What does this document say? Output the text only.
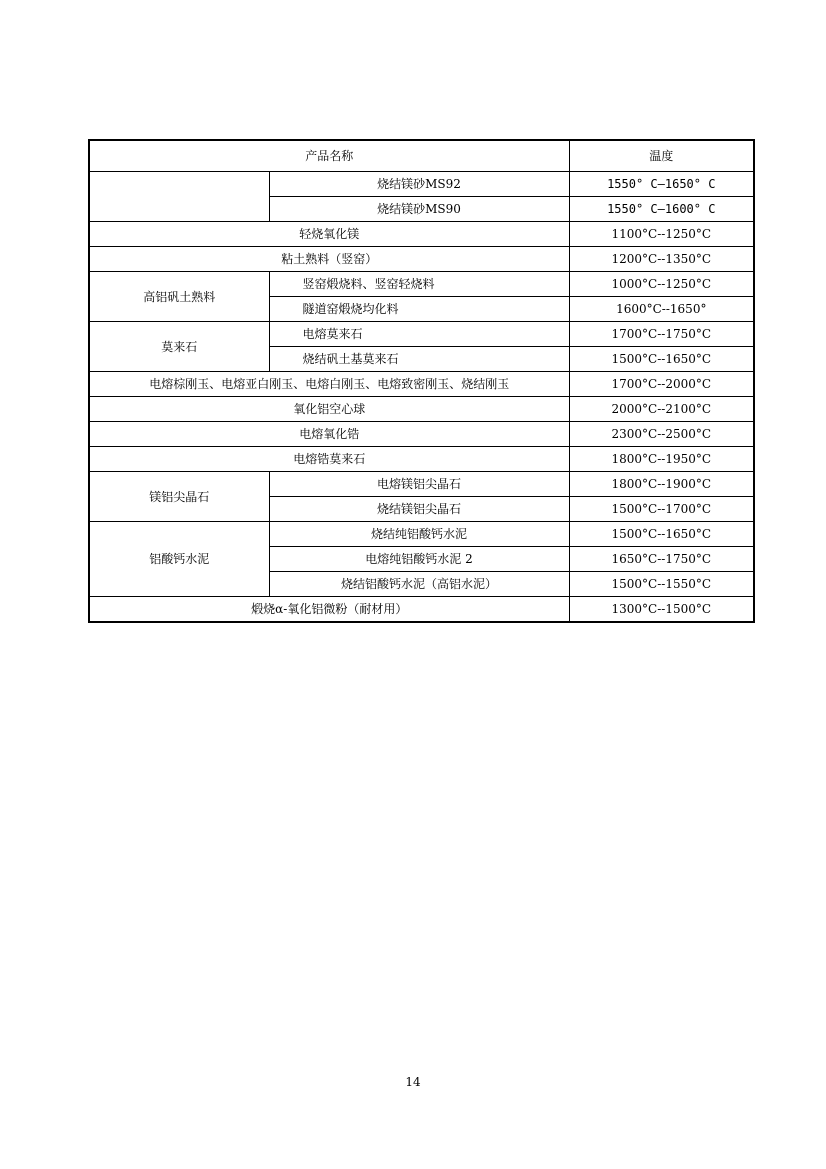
产品名称		温度
	烧结镁砂MS92	1550° C—1650° C
	烧结镁砂MS90	1550° C—1600° C
轻烧氧化镁		1100°C--1250°C
粘土熟料（竖窑）		1200°C--1350°C
高铝矾土熟料	竖窑煅烧料、竖窑轻烧料	1000°C--1250°C
	隧道窑煅烧均化料	1600°C--1650°
莫来石	电熔莫来石	1700°C--1750°C
	烧结矾土基莫来石	1500°C--1650°C
电熔棕刚玉、电熔亚白刚玉、电熔白刚玉、电熔致密刚玉、烧结刚玉		1700°C--2000°C
氧化铝空心球		2000°C--2100°C
电熔氧化锆		2300°C--2500°C
电熔锆莫来石		1800°C--1950°C
镁铝尖晶石	电熔镁铝尖晶石	1800°C--1900°C
	烧结镁铝尖晶石	1500°C--1700°C
铝酸钙水泥	烧结纯铝酸钙水泥	1500°C--1650°C
	电熔纯铝酸钙水泥 2	1650°C--1750°C
	烧结铝酸钙水泥（高铝水泥）	1500°C--1550°C
煅烧α-氧化铝微粉（耐材用）		1300°C--1500°C
14
